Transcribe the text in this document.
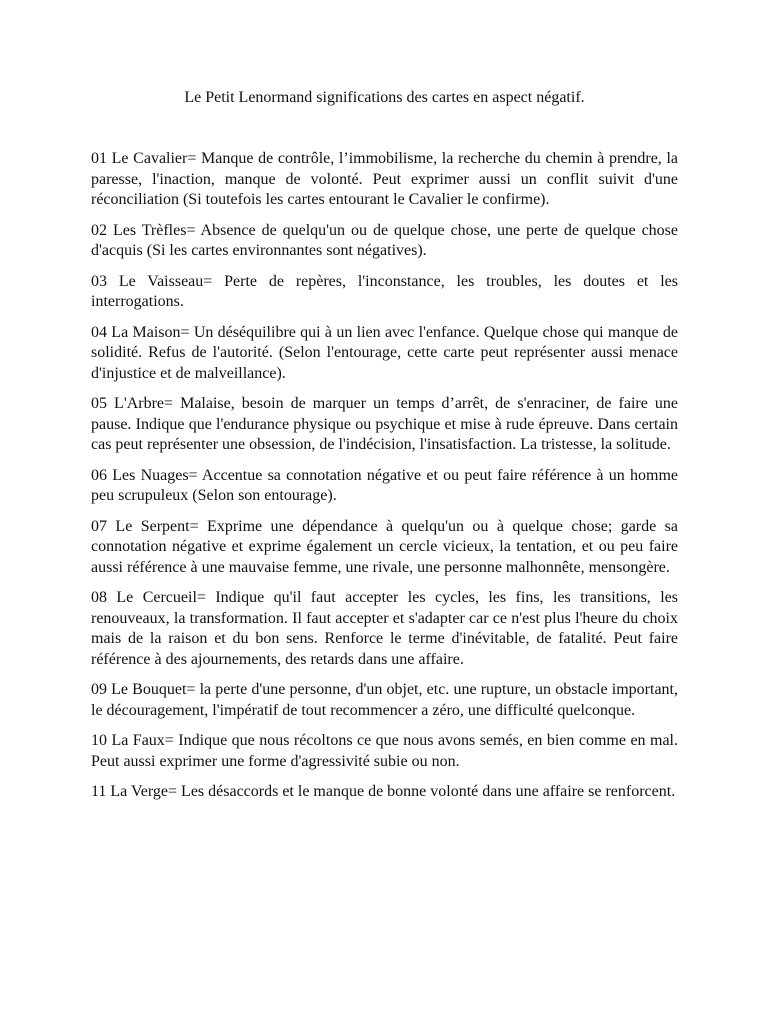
Le Petit Lenormand significations des cartes en aspect négatif.

01 Le Cavalier= Manque de contrôle, l’immobilisme, la recherche du chemin à prendre, la paresse, l'inaction, manque de volonté. Peut exprimer aussi un conflit suivit d'une réconciliation (Si toutefois les cartes entourant le Cavalier le confirme).

02 Les Trèfles= Absence de quelqu'un ou de quelque chose, une perte de quelque chose d'acquis (Si les cartes environnantes sont négatives).

03 Le Vaisseau= Perte de repères, l'inconstance, les troubles, les doutes et les interrogations.

04 La Maison= Un déséquilibre qui à un lien avec l'enfance. Quelque chose qui manque de solidité. Refus de l'autorité. (Selon l'entourage, cette carte peut représenter aussi menace d'injustice et de malveillance).

05 L'Arbre= Malaise, besoin de marquer un temps d’arrêt, de s'enraciner, de faire une pause. Indique que l'endurance physique ou psychique et mise à rude épreuve. Dans certain cas peut représenter une obsession, de l'indécision, l'insatisfaction. La tristesse, la solitude.

06 Les Nuages= Accentue sa connotation négative et ou peut faire référence à un homme peu scrupuleux (Selon son entourage).

07 Le Serpent= Exprime une dépendance à quelqu'un ou à quelque chose; garde sa connotation négative et exprime également un cercle vicieux, la tentation, et ou peu faire aussi référence à une mauvaise femme, une rivale, une personne malhonnête, mensongère.

08 Le Cercueil= Indique qu'il faut accepter les cycles, les fins, les transitions, les renouveaux, la transformation. Il faut accepter et s'adapter car ce n'est plus l'heure du choix mais de la raison et du bon sens. Renforce le terme d'inévitable, de fatalité. Peut faire référence à des ajournements, des retards dans une affaire.

09 Le Bouquet= la perte d'une personne, d'un objet, etc. une rupture, un obstacle important, le découragement, l'impératif de tout recommencer a zéro, une difficulté quelconque.

10 La Faux= Indique que nous récoltons ce que nous avons semés, en bien comme en mal. Peut aussi exprimer une forme d'agressivité subie ou non.

11 La Verge= Les désaccords et le manque de bonne volonté dans une affaire se renforcent.
